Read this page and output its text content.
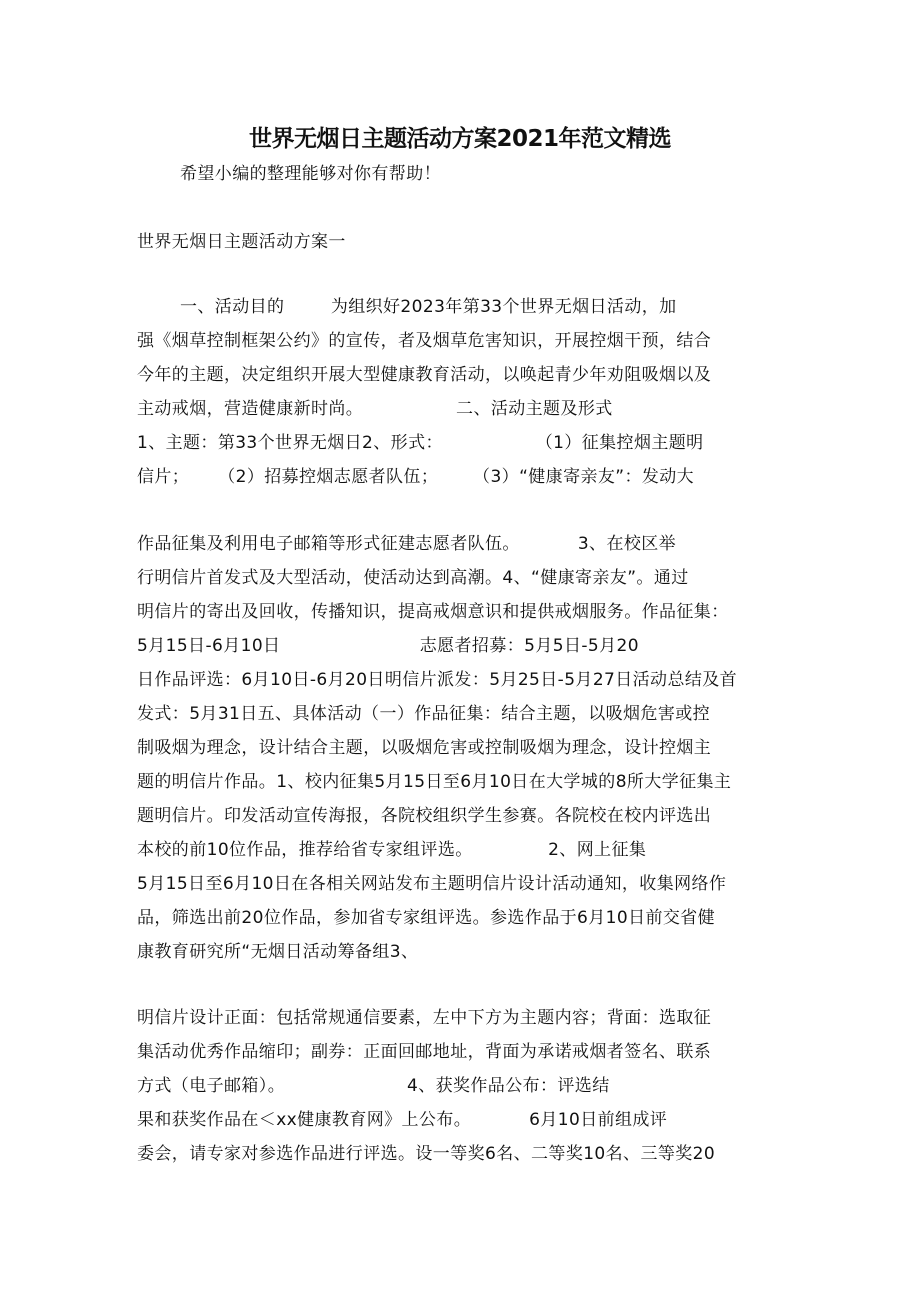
世界无烟日主题活动方案2021年范文精选
希望小编的整理能够对你有帮助！
世界无烟日主题活动方案一
一、活动目的        为组织好2023年第33个世界无烟日活动，加
强《烟草控制框架公约》的宣传，者及烟草危害知识，开展控烟干预，结合
今年的主题，决定组织开展大型健康教育活动，以唤起青少年劝阻吸烟以及
主动戒烟，营造健康新时尚。                二、活动主题及形式
1、主题：第33个世界无烟日2、形式：                （1）征集控烟主题明
信片；     （2）招募控烟志愿者队伍；      （3）“健康寄亲友”：发动大
作品征集及利用电子邮箱等形式征建志愿者队伍。          3、在校区举
行明信片首发式及大型活动，使活动达到高潮。4、“健康寄亲友”。通过
明信片的寄出及回收，传播知识，提高戒烟意识和提供戒烟服务。作品征集：
5月15日-6月10日                        志愿者招募：5月5日-5月20
日作品评选：6月10日-6月20日明信片派发：5月25日-5月27日活动总结及首
发式：5月31日五、具体活动（一）作品征集：结合主题，以吸烟危害或控
制吸烟为理念，设计结合主题，以吸烟危害或控制吸烟为理念，设计控烟主
题的明信片作品。1、校内征集5月15日至6月10日在大学城的8所大学征集主
题明信片。印发活动宣传海报，各院校组织学生参赛。各院校在校内评选出
本校的前10位作品，推荐给省专家组评选。             2、网上征集
5月15日至6月10日在各相关网站发布主题明信片设计活动通知，收集网络作
品，筛选出前20位作品，参加省专家组评选。参选作品于6月10日前交省健
康教育研究所“无烟日活动筹备组3、
明信片设计正面：包括常规通信要素，左中下方为主题内容；背面：选取征
集活动优秀作品缩印；副券：正面回邮地址，背面为承诺戒烟者签名、联系
方式（电子邮箱）。                     4、获奖作品公布：评选结
果和获奖作品在＜xx健康教育网》上公布。          6月10日前组成评
委会，请专家对参选作品进行评选。设一等奖6名、二等奖10名、三等奖20
